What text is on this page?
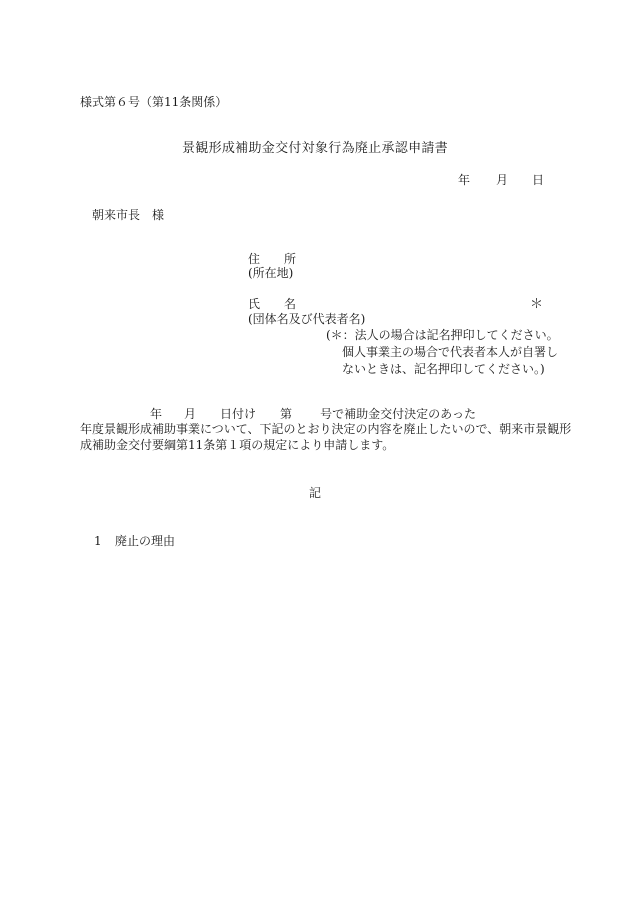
様式第６号（第11条関係）
景観形成補助金交付対象行為廃止承認申請書
年 月 日
朝来市長　様
住　　所
(所在地)
氏　　名
(団体名及び代表者名)
＊
(＊：法人の場合は記名押印してください。
個人事業主の場合で代表者本人が自署し
ないときは、記名押印してください。)
年 月 日付け 第 号で補助金交付決定のあった
年度景観形成補助事業について、下記のとおり決定の内容を廃止したいので、朝来市景観形
成補助金交付要綱第11条第１項の規定により申請します。
記
1 廃止の理由
